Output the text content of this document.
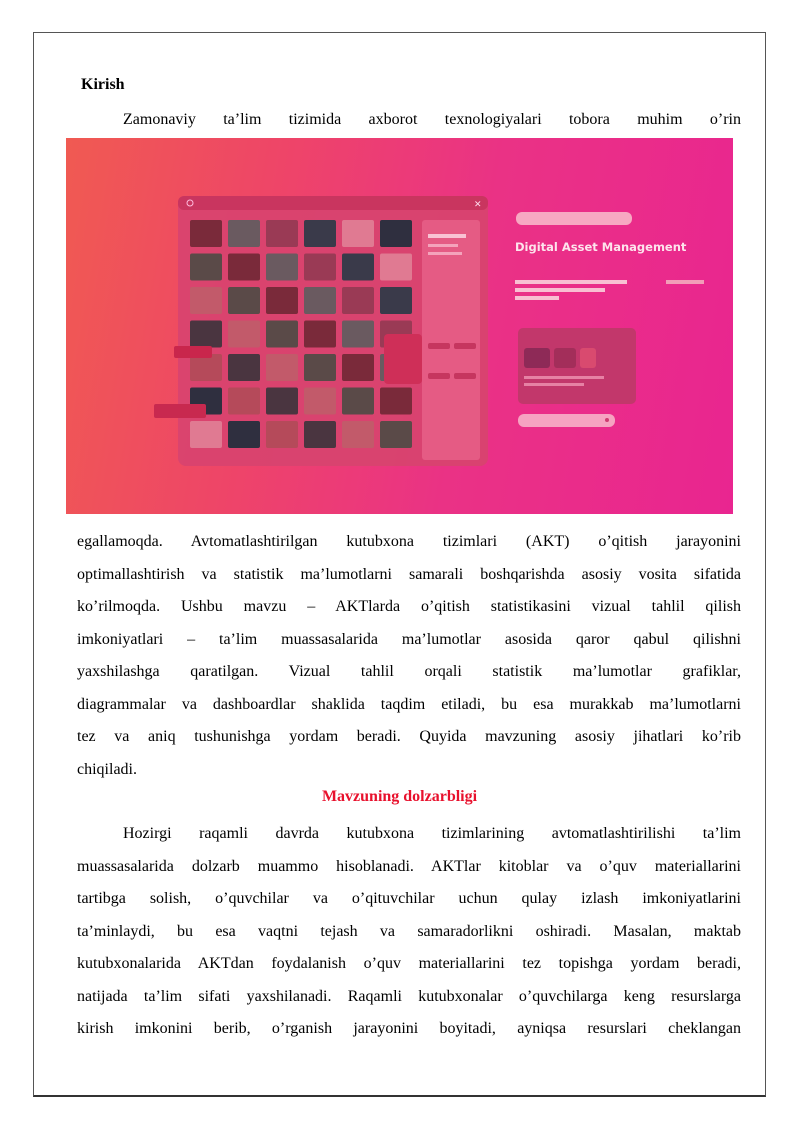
Kirish
Zamonaviy ta’lim tizimida axborot texnologiyalari tobora muhim o’rin
✕
Digital Asset Management
egallamoqda. Avtomatlashtirilgan kutubxona tizimlari (AKT) o’qitish jarayonini
optimallashtirish va statistik ma’lumotlarni samarali boshqarishda asosiy vosita sifatida
ko’rilmoqda. Ushbu mavzu – AKTlarda o’qitish statistikasini vizual tahlil qilish
imkoniyatlari – ta’lim muassasalarida ma’lumotlar asosida qaror qabul qilishni
yaxshilashga qaratilgan. Vizual tahlil orqali statistik ma’lumotlar grafiklar,
diagrammalar va dashboardlar shaklida taqdim etiladi, bu esa murakkab ma’lumotlarni
tez va aniq tushunishga yordam beradi. Quyida mavzuning asosiy jihatlari ko’rib
chiqiladi.
Mavzuning dolzarbligi
Hozirgi raqamli davrda kutubxona tizimlarining avtomatlashtirilishi ta’lim
muassasalarida dolzarb muammo hisoblanadi. AKTlar kitoblar va o’quv materiallarini
tartibga solish, o’quvchilar va o’qituvchilar uchun qulay izlash imkoniyatlarini
ta’minlaydi, bu esa vaqtni tejash va samaradorlikni oshiradi. Masalan, maktab
kutubxonalarida AKTdan foydalanish o’quv materiallarini tez topishga yordam beradi,
natijada ta’lim sifati yaxshilanadi. Raqamli kutubxonalar o’quvchilarga keng resurslarga
kirish imkonini berib, o’rganish jarayonini boyitadi, ayniqsa resurslari cheklangan
